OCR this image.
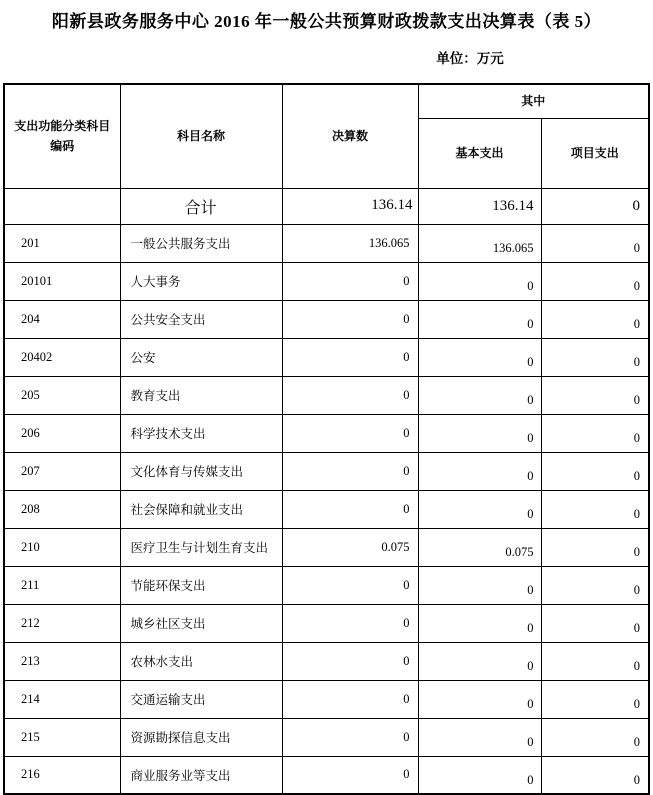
阳新县政务服务中心 2016 年一般公共预算财政拨款支出决算表（表 5）
单位：万元
支出功能分类科目编码	科目名称	决算数	其中	
			基本支出	项目支出
	合计	136.14	136.14	0
201	一般公共服务支出	136.065	136.065	0
20101	人大事务	0	0	0
204	公共安全支出	0	0	0
20402	公安	0	0	0
205	教育支出	0	0	0
206	科学技术支出	0	0	0
207	文化体育与传媒支出	0	0	0
208	社会保障和就业支出	0	0	0
210	医疗卫生与计划生育支出	0.075	0.075	0
211	节能环保支出	0	0	0
212	城乡社区支出	0	0	0
213	农林水支出	0	0	0
214	交通运输支出	0	0	0
215	资源勘探信息支出	0	0	0
216	商业服务业等支出	0	0	0
